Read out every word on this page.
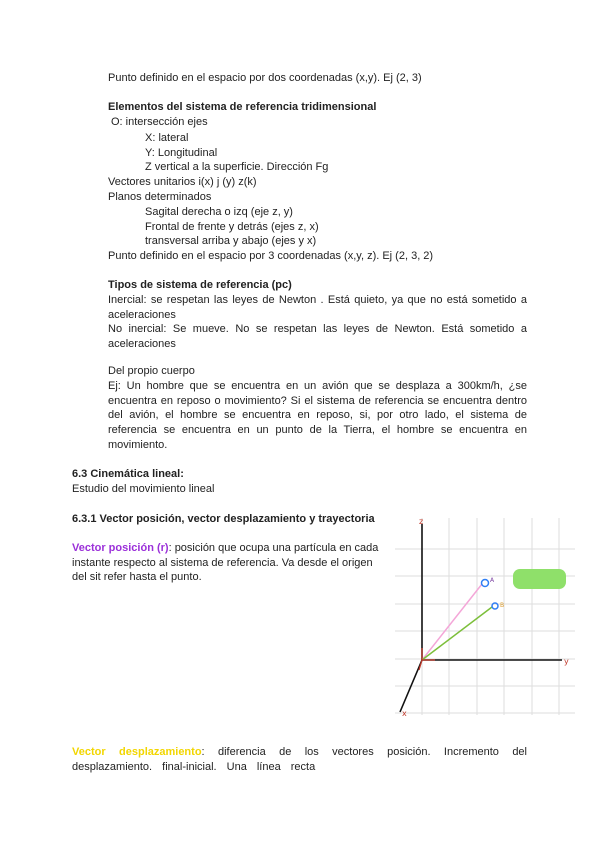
Punto definido en el espacio por dos coordenadas (x,y). Ej (2, 3)
Elementos del sistema de referencia tridimensional
O: intersección ejes
X: lateral
Y: Longitudinal
Z vertical a la superficie. Dirección Fg
Vectores unitarios i(x) j (y) z(k)
Planos determinados
Sagital derecha o izq (eje z, y)
Frontal de frente y detrás (ejes z, x)
transversal arriba y abajo (ejes y x)
Punto definido en el espacio por 3 coordenadas (x,y, z). Ej (2, 3, 2)
Tipos de sistema de referencia (pc)
Inercial: se respetan las leyes de Newton . Está quieto, ya que no está sometido a aceleraciones
No inercial: Se mueve. No se respetan las leyes de Newton. Está sometido a aceleraciones
Del propio cuerpo
Ej: Un hombre que se encuentra en un avión que se desplaza a 300km/h, ¿se encuentra en reposo o movimiento? Si el sistema de referencia se encuentra dentro del avión, el hombre se encuentra en reposo, si, por otro lado, el sistema de referencia se encuentra en un punto de la Tierra, el hombre se encuentra en movimiento.
6.3 Cinemática lineal:
Estudio del movimiento lineal
6.3.1 Vector posición, vector desplazamiento y trayectoria
Vector posición (r): posición que ocupa una partícula en cada instante respecto al sistema de referencia. Va desde el origen del sit refer hasta el punto.
Vector desplazamiento: diferencia de los vectores posición. Incremento del desplazamiento. final-inicial. Una línea recta
z
y
x
A
B
